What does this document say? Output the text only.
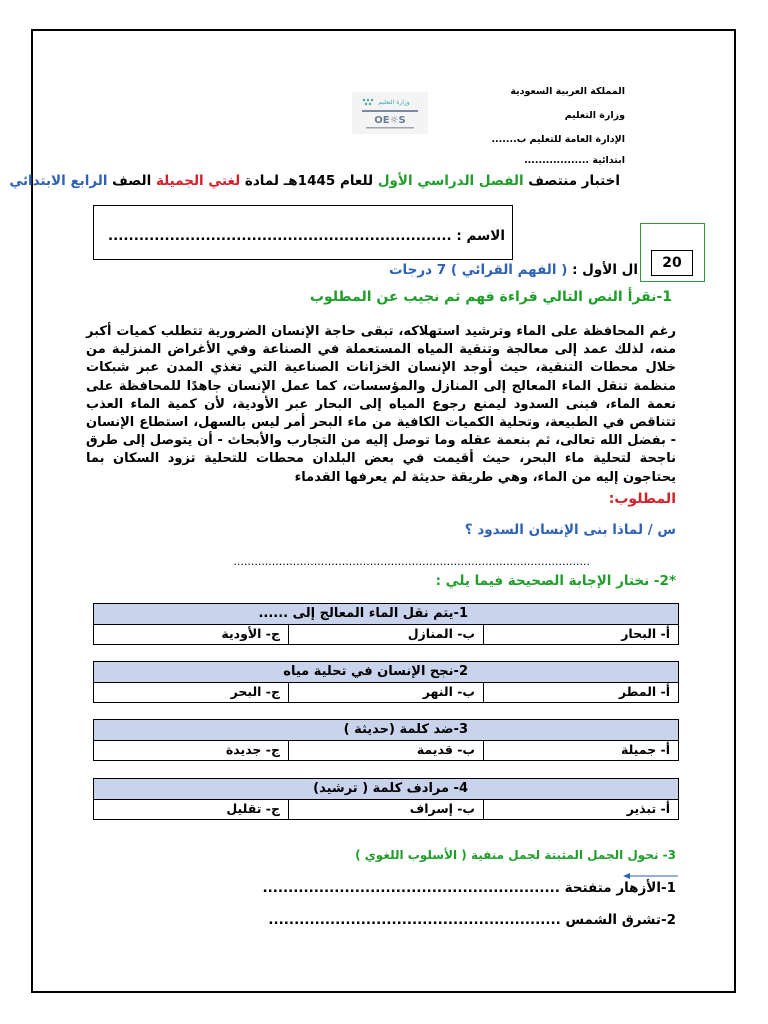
المملكة العربية السعودية
وزارة التعليم
الإدارة العامة للتعليم ب.......
ابتدائية ..................
وزارة التعليم
OE☼S
اختبار منتصف الفصل الدراسي الأول للعام 1445هـ لمادة لغتي الجميلة الصف الرابع الابتدائي
الاسم : ...................................................................
20
ال الأول : ( الفهم القرائي ) 7 درجات
1-نقرأ النص التالي قراءة فهم ثم نجيب عن المطلوب
رغم المحافظة على الماء وترشيد استهلاكه، تبقى حاجة الإنسان الضرورية تتطلب كميات أكبر منه، لذلك عمد إلى معالجة وتنقية المياه المستعملة في الصناعة وفي الأغراض المنزلية من خلال محطات التنقية، حيث أوجد الإنسان الخزانات الصناعية التي تغذي المدن عبر شبكات منظمة تنقل الماء المعالج إلى المنازل والمؤسسات، كما عمل الإنسان جاهدًا للمحافظة على نعمة الماء، فبنى السدود ليمنع رجوع المياه إلى البحار عبر الأودية، لأن كمية الماء العذب تتناقص في الطبيعة، وتحلية الكميات الكافية من ماء البحر أمر ليس بالسهل، استطاع الإنسان - بفضل الله تعالى، ثم بنعمة عقله وما توصل إليه من التجارب والأبحاث - أن يتوصل إلى طرق ناجحة لتحلية ماء البحر، حيث أقيمت في بعض البلدان محطات للتحلية تزود السكان بما يحتاجون إليه من الماء، وهي طريقة حديثة لم يعرفها القدماء
المطلوب:
س / لماذا بنى الإنسان السدود ؟
......................................................................................................
*2- نختار الإجابة الصحيحة فيما يلي :
1-يتم نقل الماء المعالج إلى ......
أ- البحار
ب- المنازل
ج- الأودية
2-نجح الإنسان في تحلية مياه
أ- المطر
ب- النهر
ج- البحر
3-ضد كلمة (حديثة )
أ- جميلة
ب- قديمة
ج- جديدة
4- مرادف كلمة ( ترشيد)
أ- تبذير
ب- إسراف
ج- تقليل
3- نحول الجمل المثبتة لجمل منفية ( الأسلوب اللغوي )
1-الأزهار متفتحة ..........................................................
2-تشرق الشمس .........................................................
